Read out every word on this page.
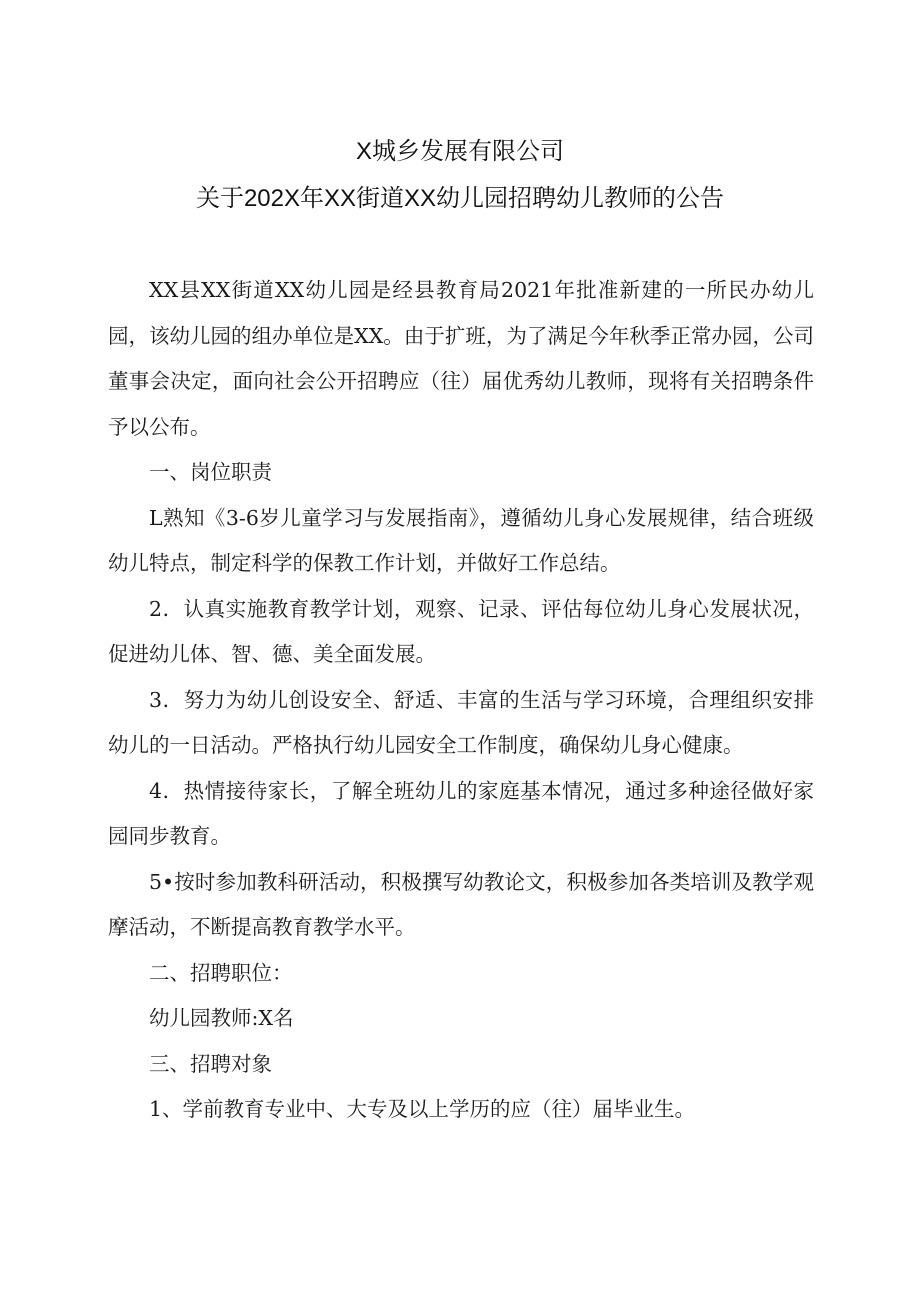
X城乡发展有限公司
关于202X年XX街道XX幼儿园招聘幼儿教师的公告

XX县XX街道XX幼儿园是经县教育局2021年批准新建的一所民办幼儿园，该幼儿园的组办单位是XX。由于扩班，为了满足今年秋季正常办园，公司董事会决定，面向社会公开招聘应（往）届优秀幼儿教师，现将有关招聘条件予以公布。

一、岗位职责

L熟知《3-6岁儿童学习与发展指南》，遵循幼儿身心发展规律，结合班级幼儿特点，制定科学的保教工作计划，并做好工作总结。

2．认真实施教育教学计划，观察、记录、评估每位幼儿身心发展状况，促进幼儿体、智、德、美全面发展。

3．努力为幼儿创设安全、舒适、丰富的生活与学习环境，合理组织安排幼儿的一日活动。严格执行幼儿园安全工作制度，确保幼儿身心健康。

4．热情接待家长，了解全班幼儿的家庭基本情况，通过多种途径做好家园同步教育。

5•按时参加教科研活动，积极撰写幼教论文，积极参加各类培训及教学观摩活动，不断提高教育教学水平。

二、招聘职位：

幼儿园教师:X名

三、招聘对象

1、学前教育专业中、大专及以上学历的应（往）届毕业生。
